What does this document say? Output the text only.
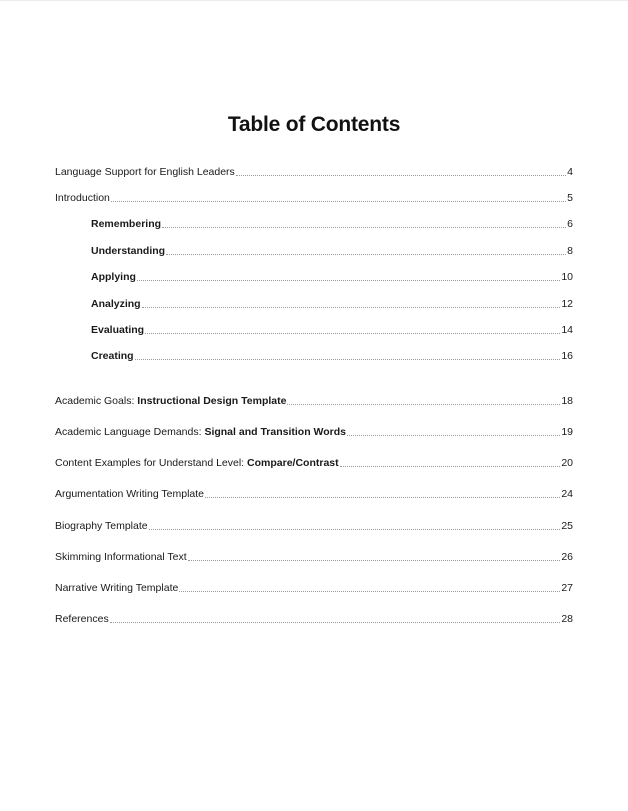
Table of Contents
Language Support for English Leaders	4
Introduction	5
Remembering	6
Understanding	8
Applying	10
Analyzing	12
Evaluating	14
Creating	16
Academic Goals: Instructional Design Template	18
Academic Language Demands: Signal and Transition Words	19
Content Examples for Understand Level: Compare/Contrast	20
Argumentation Writing Template	24
Biography Template	25
Skimming Informational Text	26
Narrative Writing Template	27
References	28
